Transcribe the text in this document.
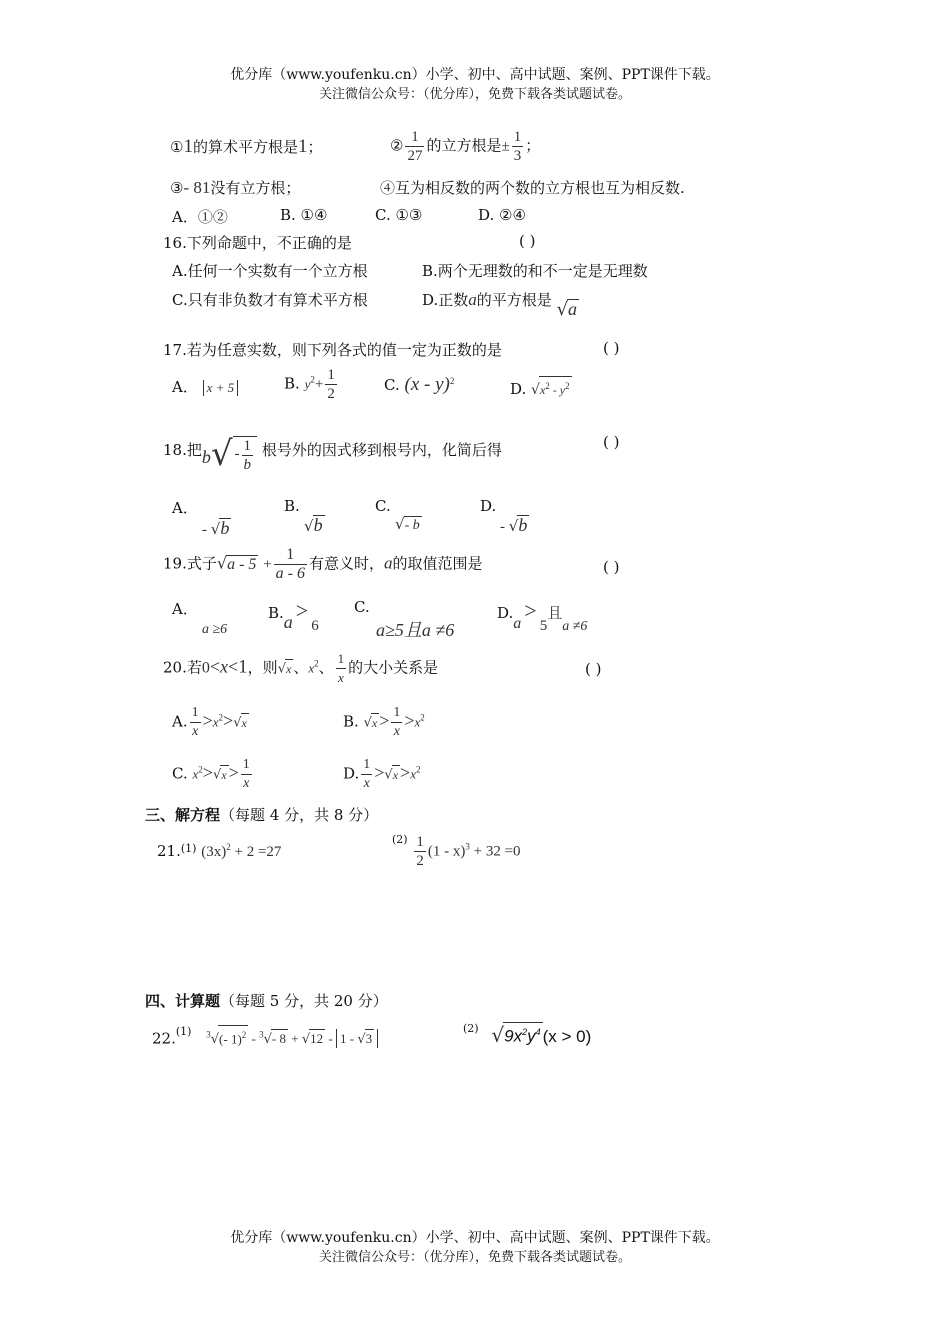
优分库（www.youfenku.cn）小学、初中、高中试题、案例、PPT课件下载。
关注微信公众号：（优分库），免费下载各类试题试卷。
①1的算术平方根是1；	② $\frac{1}{27}$ 的立方根是± $\frac{1}{3}$ ；
③- 81没有立方根；	④互为相反数的两个数的立方根也互为相反数.
A．①②	B. ①④	C. ①③	D. ②④
16.下列命题中，不正确的是	( )
A.任何一个实数有一个立方根	B.两个无理数的和不一定是无理数
C.只有非负数才有算术平方根	D.正数a的平方根是 √a
17.若为任意实数，则下列各式的值一定为正数的是	( )
A． x + 5	B. $y^2+ \frac{1}{2}$	C. (x - y)$^2$	D. $√x^2 - y^2$
18.把$b√ - \frac{1}{b}$ 根号外的因式移到根号内，化简后得	( )
A．
- √b
B.
√b
C.
√- b
D.
- √b
19.式子$√a - 5 + \frac{1}{a - 6}$ 有意义时，a的取值范围是	( )
A．
a ≥6
B.a >6
C.
a≥5且a ≠6
D.a>5且a ≠6
20.若0<x<1，则√x 、$x^2$、 $\frac{1}{x}$ 的大小关系是	( )
A. $\frac{1}{x} >x^2>√x$	B. $√x > \frac{1}{x} >x^2$
C. $x^2>√x > \frac{1}{x}$	D. $\frac{1}{x} >√x >x^2$
三、解方程（每题 4 分，共 8 分）
21.$^{(1)}$ $(3x)^2 + 2 =27$
$^{(2)} \frac{1}{2} (1 - x)^3 + 32 =0$
四、计算题（每题 5 分，共 20 分）
22.$^{(1)}$ $^3$√(- 1)$^2$ - $^3$√- 8 + √12 - 1 - √3
$^{(2)}$ $√9x^2y^4$ (x > 0)
优分库（www.youfenku.cn）小学、初中、高中试题、案例、PPT课件下载。
关注微信公众号：（优分库），免费下载各类试题试卷。
